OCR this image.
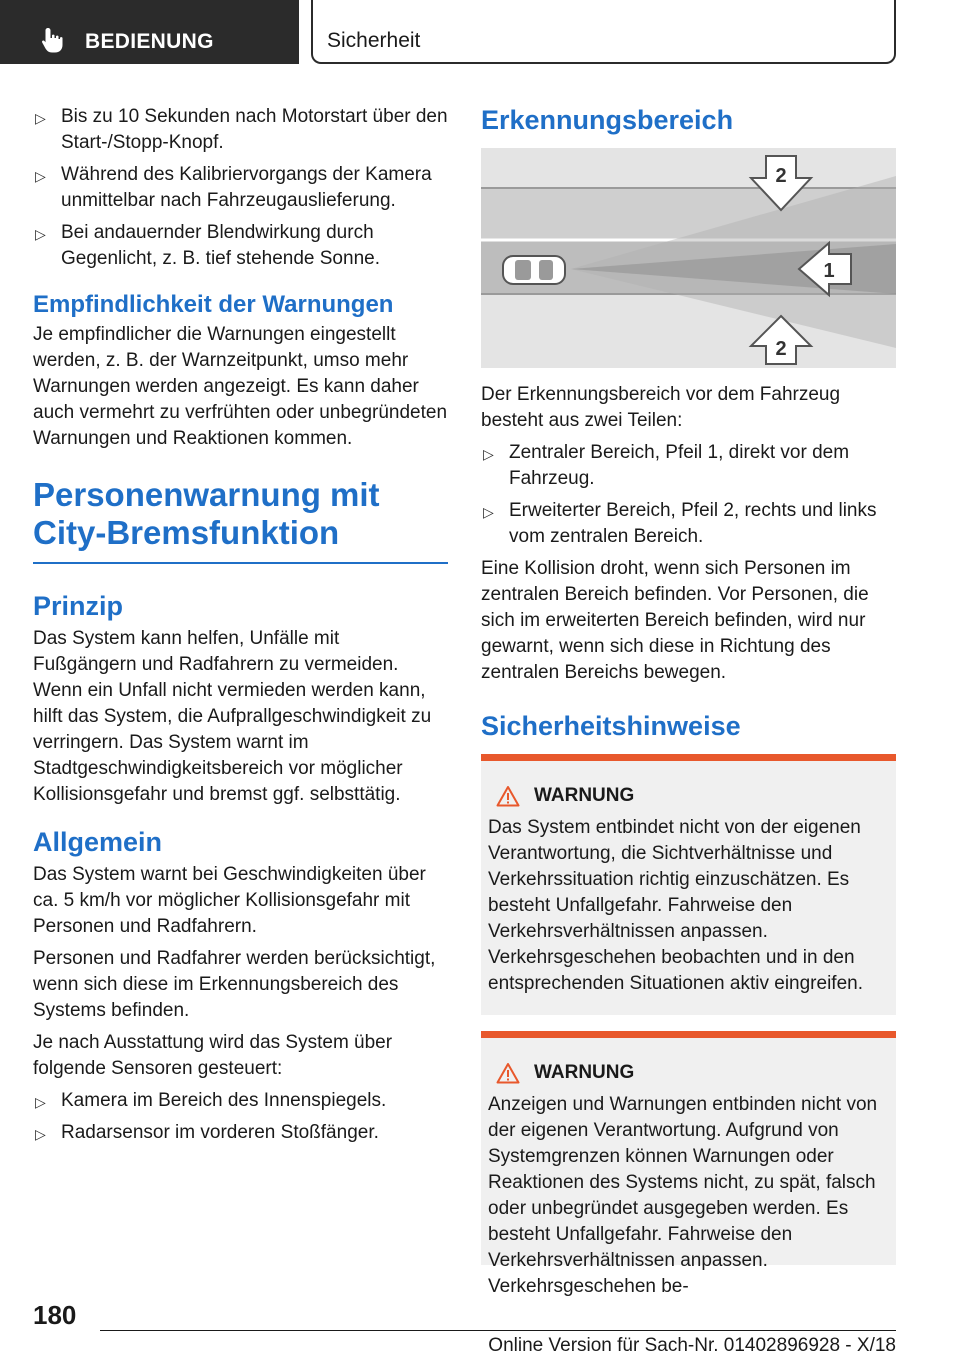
BEDIENUNG	Sicherheit
▷ Bis zu 10 Sekunden nach Motorstart über den Start-/Stopp-Knopf.
▷ Während des Kalibriervorgangs der Kamera unmittelbar nach Fahrzeugauslieferung.
▷ Bei andauernder Blendwirkung durch Gegenlicht, z. B. tief stehende Sonne.
Empfindlichkeit der Warnungen

Je empfindlicher die Warnungen eingestellt werden, z. B. der Warnzeitpunkt, umso mehr Warnungen werden angezeigt. Es kann daher auch vermehrt zu verfrühten oder unbegründeten Warnungen und Reaktionen kommen.

Personenwarnung mit City-Bremsfunktion
Prinzip

Das System kann helfen, Unfälle mit Fußgängern und Radfahrern zu vermeiden. Wenn ein Unfall nicht vermieden werden kann, hilft das System, die Aufprallgeschwindigkeit zu verringern. Das System warnt im Stadtgeschwindigkeitsbereich vor möglicher Kollisionsgefahr und bremst ggf. selbsttätig.

Allgemein

Das System warnt bei Geschwindigkeiten über ca. 5 km/h vor möglicher Kollisionsgefahr mit Personen und Radfahrern.

Personen und Radfahrer werden berücksichtigt, wenn sich diese im Erkennungsbereich des Systems befinden.

Je nach Ausstattung wird das System über folgende Sensoren gesteuert:

▷ Kamera im Bereich des Innenspiegels.
▷ Radarsensor im vorderen Stoßfänger.
Erkennungsbereich
2
1
2

Der Erkennungsbereich vor dem Fahrzeug besteht aus zwei Teilen:

▷ Zentraler Bereich, Pfeil 1, direkt vor dem Fahrzeug.
▷ Erweiterter Bereich, Pfeil 2, rechts und links vom zentralen Bereich.

Eine Kollision droht, wenn sich Personen im zentralen Bereich befinden. Vor Personen, die sich im erweiterten Bereich befinden, wird nur gewarnt, wenn sich diese in Richtung des zentralen Bereichs bewegen.

Sicherheitshinweise
WARNUNG

Das System entbindet nicht von der eigenen Verantwortung, die Sichtverhältnisse und Verkehrssituation richtig einzuschätzen. Es besteht Unfallgefahr. Fahrweise den Verkehrsverhältnissen anpassen. Verkehrsgeschehen beobachten und in den entsprechenden Situationen aktiv eingreifen.

WARNUNG

Anzeigen und Warnungen entbinden nicht von der eigenen Verantwortung. Aufgrund von Systemgrenzen können Warnungen oder Reaktionen des Systems nicht, zu spät, falsch oder unbegründet ausgegeben werden. Es besteht Unfallgefahr. Fahrweise den Verkehrsverhältnissen anpassen. Verkehrsgeschehen be-

180
Online Version für Sach-Nr. 01402896928 - X/18
